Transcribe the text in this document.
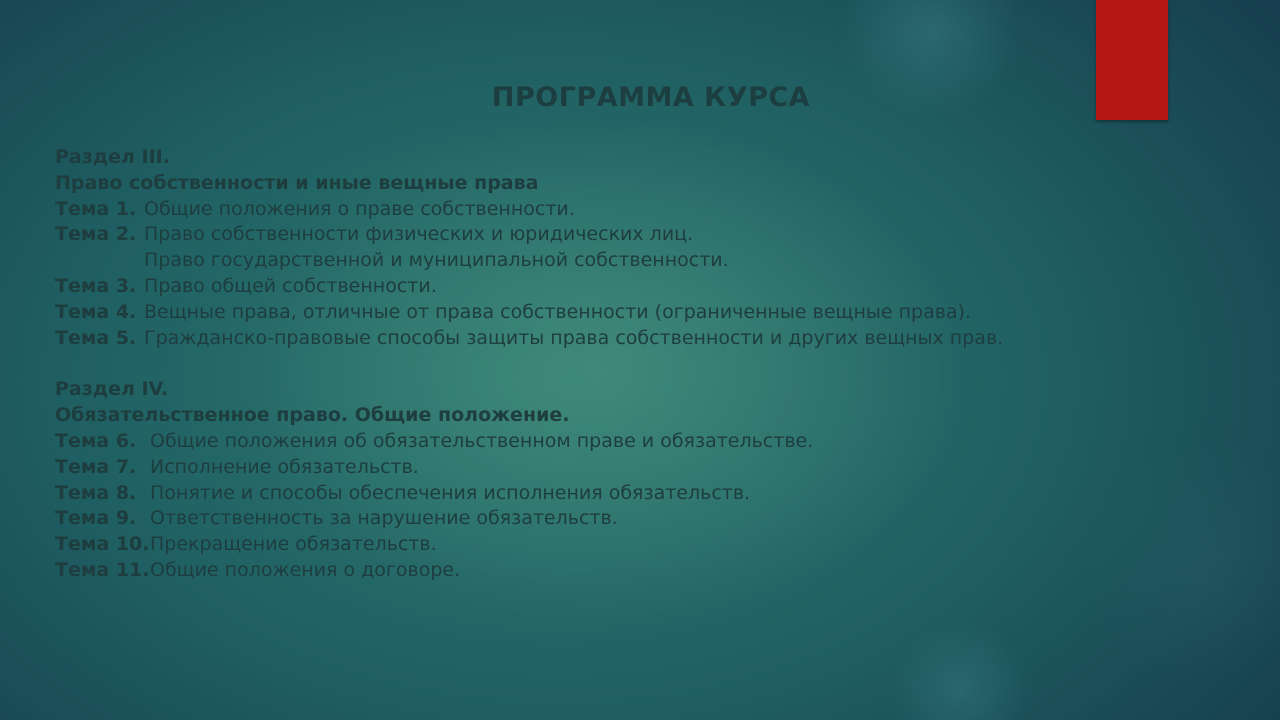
ПРОГРАММА КУРСА
Раздел III.
Право собственности и иные вещные права
Тема 1. Общие положения о праве собственности.
Тема 2. Право собственности физических и юридических лиц.
Право государственной и муниципальной собственности.
Тема 3. Право общей собственности.
Тема 4. Вещные права, отличные от права собственности (ограниченные вещные права).
Тема 5. Гражданско-правовые способы защиты права собственности и других вещных прав.
Раздел IV.
Обязательственное право. Общие положение.
Тема 6. Общие положения об обязательственном праве и обязательстве.
Тема 7. Исполнение обязательств.
Тема 8. Понятие и способы обеспечения исполнения обязательств.
Тема 9. Ответственность за нарушение обязательств.
Тема 10.Прекращение обязательств.
Тема 11.Общие положения о договоре.
